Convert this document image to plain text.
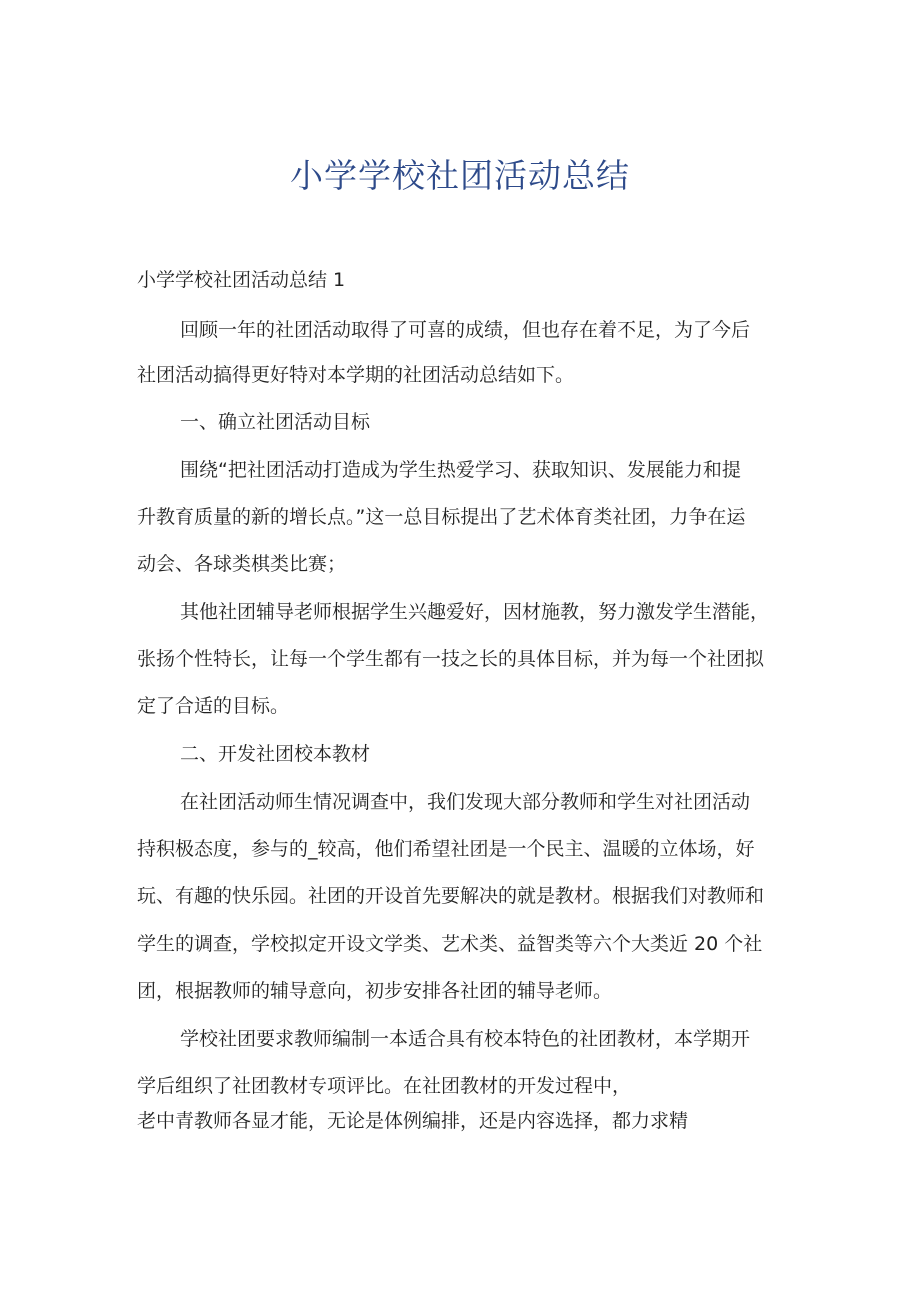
小学学校社团活动总结
小学学校社团活动总结 1
回顾一年的社团活动取得了可喜的成绩，但也存在着不足，为了今后
社团活动搞得更好特对本学期的社团活动总结如下。
一、确立社团活动目标
围绕“把社团活动打造成为学生热爱学习、获取知识、发展能力和提
升教育质量的新的增长点。”这一总目标提出了艺术体育类社团，力争在运
动会、各球类棋类比赛；
其他社团辅导老师根据学生兴趣爱好，因材施教，努力激发学生潜能，
张扬个性特长，让每一个学生都有一技之长的具体目标，并为每一个社团拟
定了合适的目标。
二、开发社团校本教材
在社团活动师生情况调查中，我们发现大部分教师和学生对社团活动
持积极态度，参与的_较高，他们希望社团是一个民主、温暖的立体场，好
玩、有趣的快乐园。社团的开设首先要解决的就是教材。根据我们对教师和
学生的调查，学校拟定开设文学类、艺术类、益智类等六个大类近 20 个社
团，根据教师的辅导意向，初步安排各社团的辅导老师。
学校社团要求教师编制一本适合具有校本特色的社团教材，本学期开
学后组织了社团教材专项评比。在社团教材的开发过程中，
老中青教师各显才能，无论是体例编排，还是内容选择，都力求精
